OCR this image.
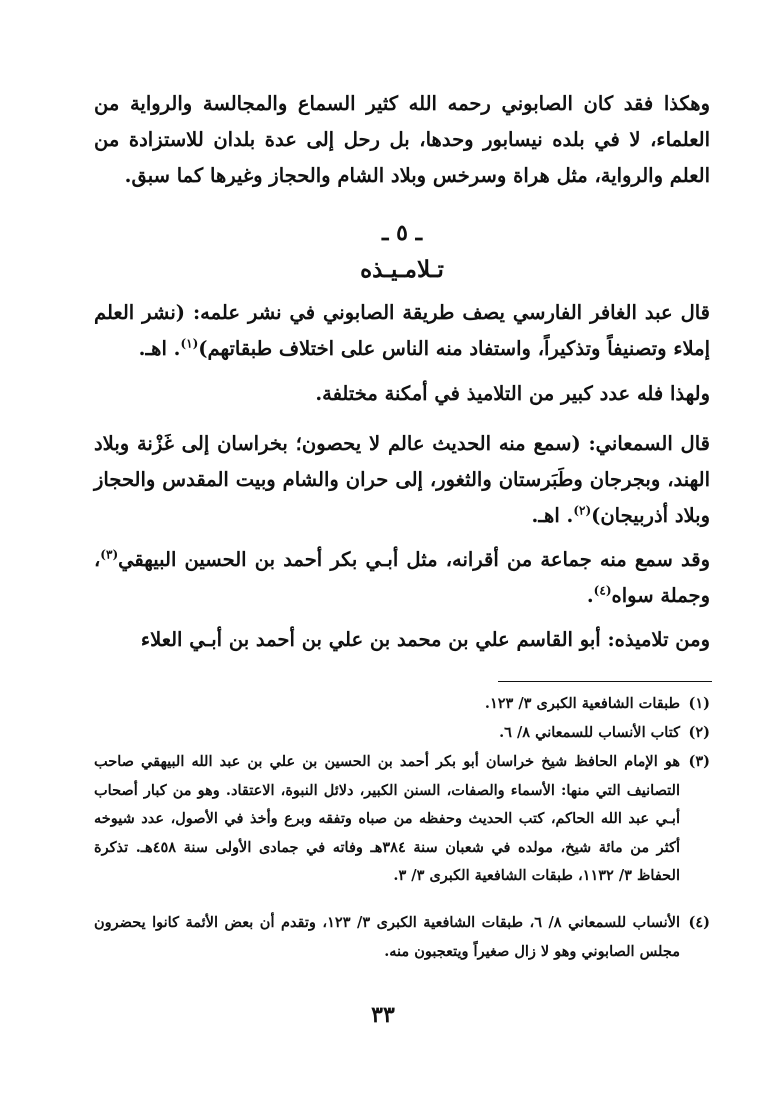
وهكذا فقد كان الصابوني رحمه الله كثير السماع والمجالسة والرواية من العلماء، لا في بلده نيسابور وحدها، بل رحل إلى عدة بلدان للاستزادة من العلم والرواية، مثل هراة وسرخس وبلاد الشام والحجاز وغيرها كما سبق.
ـ ٥ ـ
تـلامـيـذه
قال عبد الغافر الفارسي يصف طريقة الصابوني في نشر علمه: (نشر العلم إملاء وتصنيفاً وتذكيراً، واستفاد منه الناس على اختلاف طبقاتهم)$^{(١)}$. اهـ.
ولهذا فله عدد كبير من التلاميذ في أمكنة مختلفة.
قال السمعاني: (سمع منه الحديث عالم لا يحصون؛ بخراسان إلى غَزْنة وبلاد الهند، وبجرجان وطَبَرستان والثغور، إلى حران والشام وبيت المقدس والحجاز وبلاد أذربيجان)$^{(٢)}$. اهـ.
وقد سمع منه جماعة من أقرانه، مثل أبـي بكر أحمد بن الحسين البيهقي$^{(٣)}$، وجملة سواه$^{(٤)}$.
ومن تلاميذه: أبو القاسم علي بن محمد بن علي بن أحمد بن أبـي العلاء
(١)
طبقات الشافعية الكبرى ٣/ ١٢٣.
(٢)
كتاب الأنساب للسمعاني ٨/ ٦.
(٣)
هو الإمام الحافظ شيخ خراسان أبو بكر أحمد بن الحسين بن علي بن عبد الله البيهقي صاحب التصانيف التي منها: الأسماء والصفات، السنن الكبير، دلائل النبوة، الاعتقاد. وهو من كبار أصحاب أبـي عبد الله الحاكم، كتب الحديث وحفظه من صباه وتفقه وبرع وأخذ في الأصول، عدد شيوخه أكثر من مائة شيخ، مولده في شعبان سنة ٣٨٤هـ وفاته في جمادى الأولى سنة ٤٥٨هـ. تذكرة الحفاظ ٣/ ١١٣٢، طبقات الشافعية الكبرى ٣/ ٣.
(٤)
الأنساب للسمعاني ٨/ ٦، طبقات الشافعية الكبرى ٣/ ١٢٣، وتقدم أن بعض الأئمة كانوا يحضرون مجلس الصابوني وهو لا زال صغيراً ويتعجبون منه.
٣٣
